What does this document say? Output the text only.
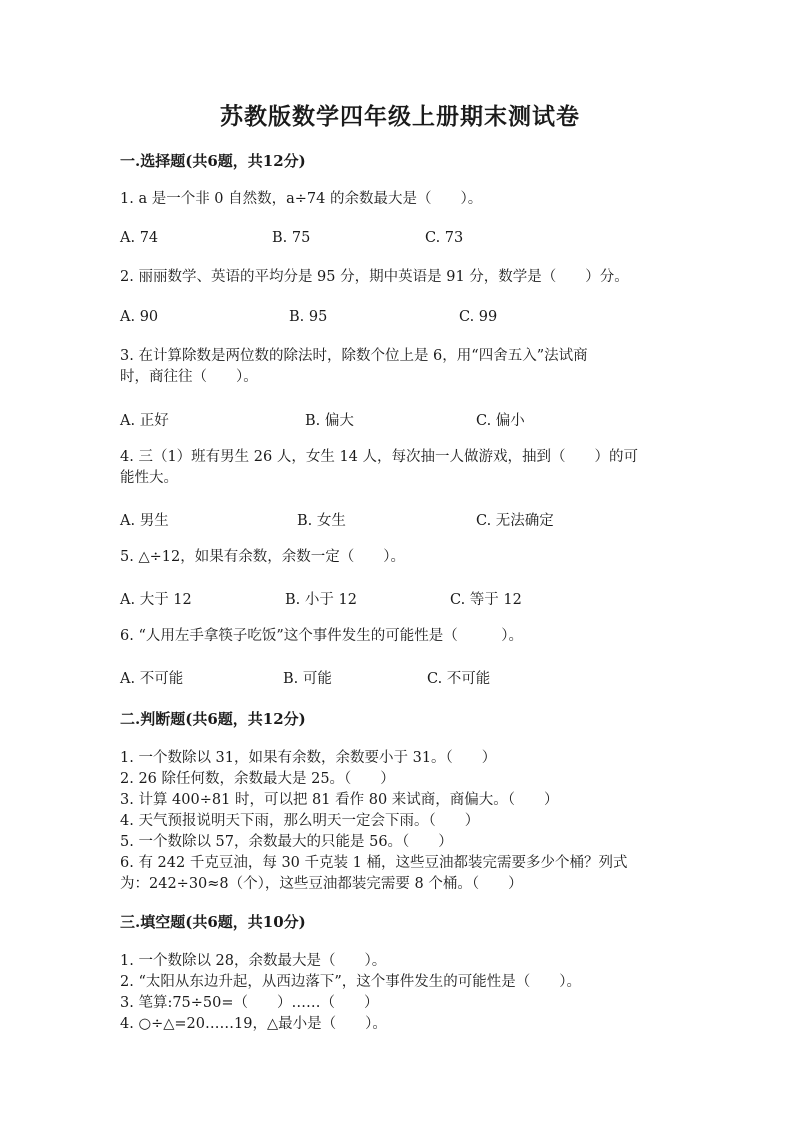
苏教版数学四年级上册期末测试卷
一.选择题(共6题，共12分)
1. a 是一个非 0 自然数，a÷74 的余数最大是（　　）。
A. 74	B. 75	C. 73
2. 丽丽数学、英语的平均分是 95 分，期中英语是 91 分，数学是（　　）分。
A. 90	B. 95	C. 99
3. 在计算除数是两位数的除法时，除数个位上是 6，用“四舍五入”法试商
时，商往往（　　）。
A. 正好	B. 偏大	C. 偏小
4. 三（1）班有男生 26 人，女生 14 人，每次抽一人做游戏，抽到（　　）的可
能性大。
A. 男生	B. 女生	C. 无法确定
5. △÷12，如果有余数，余数一定（　　）。
A. 大于 12	B. 小于 12	C. 等于 12
6. “人用左手拿筷子吃饭”这个事件发生的可能性是（　　　）。
A. 不可能	B. 可能	C. 不可能
二.判断题(共6题，共12分)
1. 一个数除以 31，如果有余数，余数要小于 31。（　　）
2. 26 除任何数，余数最大是 25。（　　）
3. 计算 400÷81 时，可以把 81 看作 80 来试商，商偏大。（　　）
4. 天气预报说明天下雨，那么明天一定会下雨。（　　）
5. 一个数除以 57，余数最大的只能是 56。（　　）
6. 有 242 千克豆油，每 30 千克装 1 桶，这些豆油都装完需要多少个桶？列式
为：242÷30≈8（个），这些豆油都装完需要 8 个桶。（　　）
三.填空题(共6题，共10分)
1. 一个数除以 28，余数最大是（　　）。
2. “太阳从东边升起，从西边落下”，这个事件发生的可能性是（　　）。
3. 笔算:75÷50=（　　）……（　　）
4. ○÷△=20……19，△最小是（　　）。
